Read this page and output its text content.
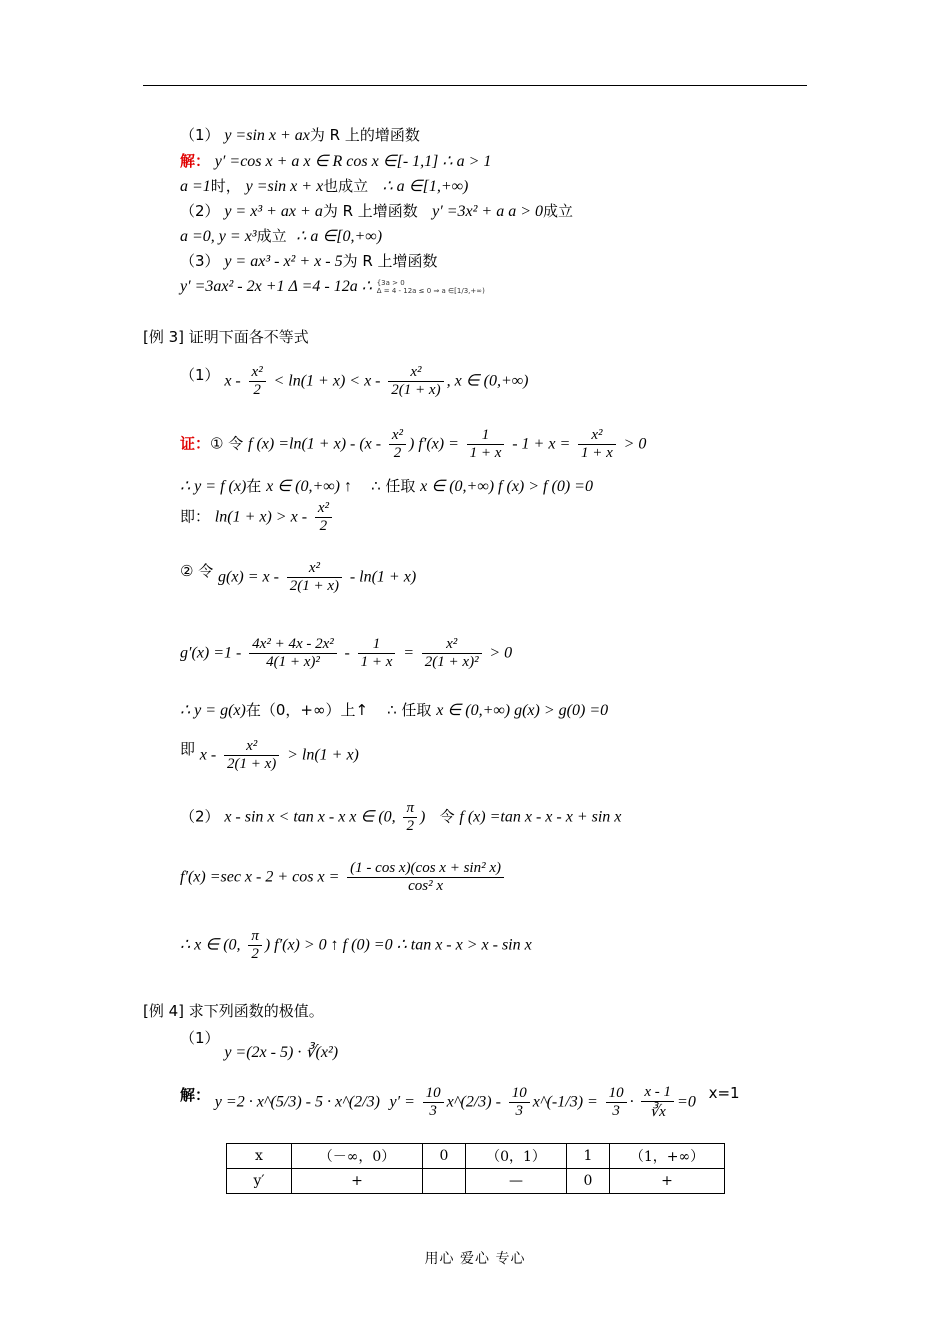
（1） y =sin x + ax为 R 上的增函数
解： y′ =cos x + a x ∈ R cos x ∈[- 1,1] ∴ a > 1
a =1时， y =sin x + x也成立 ∴ a ∈[1,+∞)
（2） y = x³ + ax + a为 R 上增函数 y′ =3x² + a a > 0成立
a =0, y = x³成立 ∴ a ∈[0,+∞)
（3） y = ax³ - x² + x - 5为 R 上增函数
y′ =3ax² - 2x +1 Δ =4 - 12a ∴ {3a > 0
Δ = 4 - 12a ≤ 0 ⇒ a ∈[1/3,+∞)
[例 3] 证明下面各不等式
（1） $x - \frac{\text{x²}}{2} < \ln(1 + x) < x - \frac{\text{x²}}{2(1 + x)}$ , x ∈ (0,+∞)
证：① 令 f $(x) =\ln(1 + x) - (x - \frac{\text{x²}}{2}$ ) $f'(x) = \frac{1}{1 + x} - 1 + x = \frac{\text{x²}}{1 + x} > 0$
∴ y = f (x)在 x ∈ (0,+∞) ↑ ∴ 任取 x ∈ (0,+∞) f (x) > f (0) =0
即： $\ln(1 + x) > x - \frac{\text{x²}}{2}$
② 令 $g(x) = x - \frac{\text{x²}}{2(1 + x)} - \ln(1 + x)$
$g'(x) =1 - \frac{\text{4x² + 4x - 2x²}}{\text{4(1 + x)²}} - \frac{1}{1 + x} = \frac{\text{x²}}{\text{2(1 + x)²}} > 0$
∴ y = g(x)在（0，+∞）上↑ ∴ 任取 x ∈ (0,+∞) g(x) > g(0) =0
即 $x - \frac{\text{x²}}{2(1 + x)} > \ln(1 + x)$
（2） x - sin x < tan x - x x ∈ (0, $\frac{\pi}{2}$ ) 令 f (x) =tan x - x - x + sin x
f′(x) =sec $x - 2 + \cos x = \frac{\text{(1 - cos x)(cos x + sin² x)}}{\text{cos² x}}$
∴ x ∈ (0, $\frac{\pi}{2}$ ) f′(x) > 0 ↑ f (0) =0 ∴ tan x - x > x - sin x
[例 4] 求下列函数的极值。
（1） y =(2x - 5) · ∛(x²)
解： y =2 · x^(5/3) - 5 · x^(2/3) $y' = \frac{10}{3}$ x^(2/3) - $\frac{10}{3}$ x^(-1/3) = $\frac{10}{3} \cdot \frac{x - 1}{∛x} =0$ x=1
x	（－∞，0）	0	（0，1）	1	（1，+∞）
y′	+		—	0	+
用心 爱心 专心
